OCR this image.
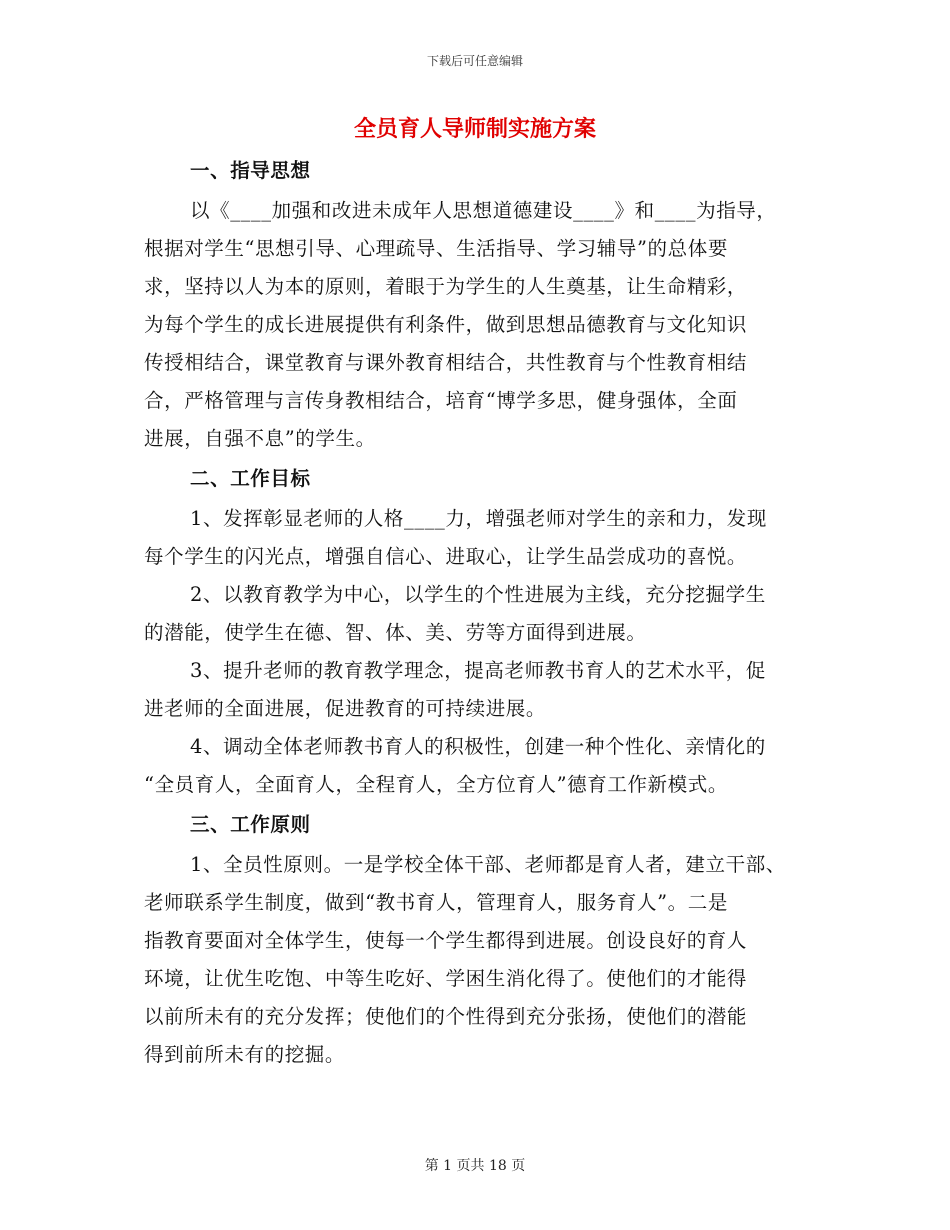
下载后可任意编辑
全员育人导师制实施方案
一、指导思想
以《____加强和改进未成年人思想道德建设____》和____为指导，
根据对学生“思想引导、心理疏导、生活指导、学习辅导”的总体要
求，坚持以人为本的原则，着眼于为学生的人生奠基，让生命精彩，
为每个学生的成长进展提供有利条件，做到思想品德教育与文化知识
传授相结合，课堂教育与课外教育相结合，共性教育与个性教育相结
合，严格管理与言传身教相结合，培育“博学多思，健身强体，全面
进展，自强不息”的学生。
二、工作目标
1、发挥彰显老师的人格____力，增强老师对学生的亲和力，发现
每个学生的闪光点，增强自信心、进取心，让学生品尝成功的喜悦。
2、以教育教学为中心，以学生的个性进展为主线，充分挖掘学生
的潜能，使学生在德、智、体、美、劳等方面得到进展。
3、提升老师的教育教学理念，提高老师教书育人的艺术水平，促
进老师的全面进展，促进教育的可持续进展。
4、调动全体老师教书育人的积极性，创建一种个性化、亲情化的
“全员育人，全面育人，全程育人，全方位育人”德育工作新模式。
三、工作原则
1、全员性原则。一是学校全体干部、老师都是育人者，建立干部、
老师联系学生制度，做到“教书育人，管理育人，服务育人”。二是
指教育要面对全体学生，使每一个学生都得到进展。创设良好的育人
环境，让优生吃饱、中等生吃好、学困生消化得了。使他们的才能得
以前所未有的充分发挥；使他们的个性得到充分张扬，使他们的潜能
得到前所未有的挖掘。
第 1 页共 18 页
